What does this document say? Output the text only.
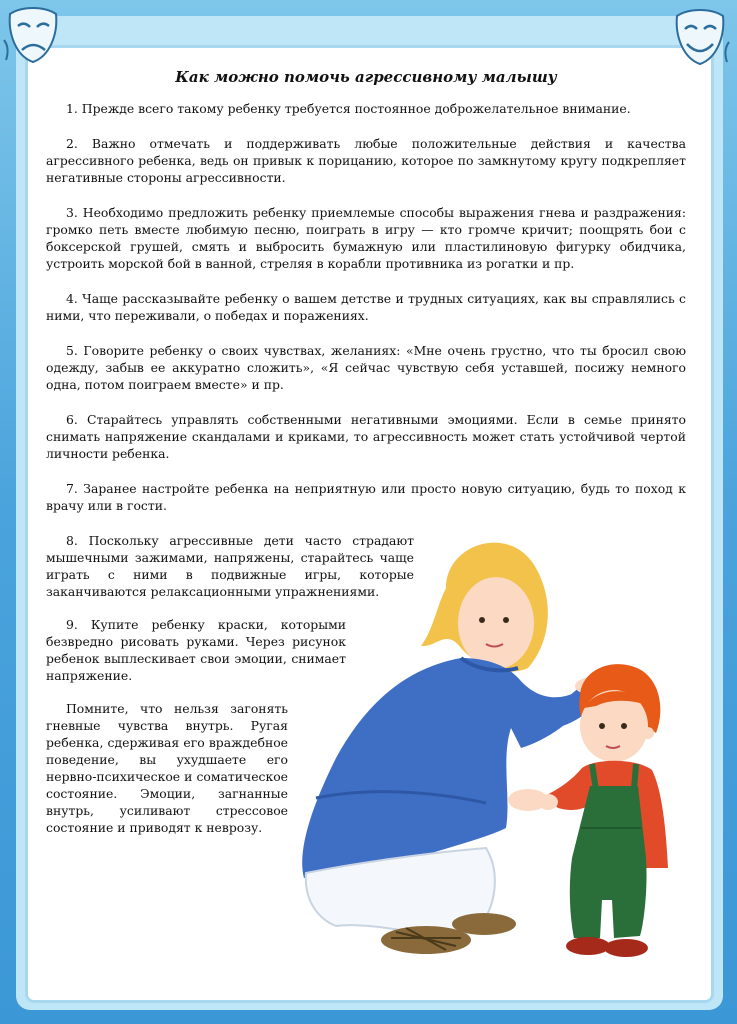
Как можно помочь агрессивному малышу

1. Прежде всего такому ребенку требуется постоянное доброжелательное внимание.

2. Важно отмечать и поддерживать любые положительные действия и качества агрессивного ребенка, ведь он привык к порицанию, которое по замкнутому кругу подкрепляет негативные стороны агрессивности.

3. Необходимо предложить ребенку приемлемые способы выражения гнева и раздражения: громко петь вместе любимую песню, поиграть в игру — кто громче кричит; поощрять бои с боксерской грушей, смять и выбросить бумажную или пластилиновую фигурку обидчика, устроить морской бой в ванной, стреляя в корабли противника из рогатки и пр.

4. Чаще рассказывайте ребенку о вашем детстве и трудных ситуациях, как вы справлялись с ними, что переживали, о победах и поражениях.

5. Говорите ребенку о своих чувствах, желаниях: «Мне очень грустно, что ты бросил свою одежду, забыв ее аккуратно сложить», «Я сейчас чувствую себя уставшей, посижу немного одна, потом поиграем вместе» и пр.

6. Старайтесь управлять собственными негативными эмоциями. Если в семье принято снимать напряжение скандалами и криками, то агрессивность может стать устойчивой чертой личности ребенка.

7. Заранее настройте ребенка на неприятную или просто новую ситуацию, будь то поход к врачу или в гости.

8. Поскольку агрессивные дети часто страдают мышечными зажимами, напряжены, старайтесь чаще играть с ними в подвижные игры, которые заканчиваются релаксационными упражнениями.

9. Купите ребенку краски, которыми безвредно рисовать руками. Через рисунок ребенок выплескивает свои эмоции, снимает напряжение.

Помните, что нельзя загонять гневные чувства внутрь. Ругая ребенка, сдерживая его враждебное поведение, вы ухудшаете его нервно-психическое и соматическое состояние. Эмоции, загнанные внутрь, усиливают стрессовое состояние и приводят к неврозу.
